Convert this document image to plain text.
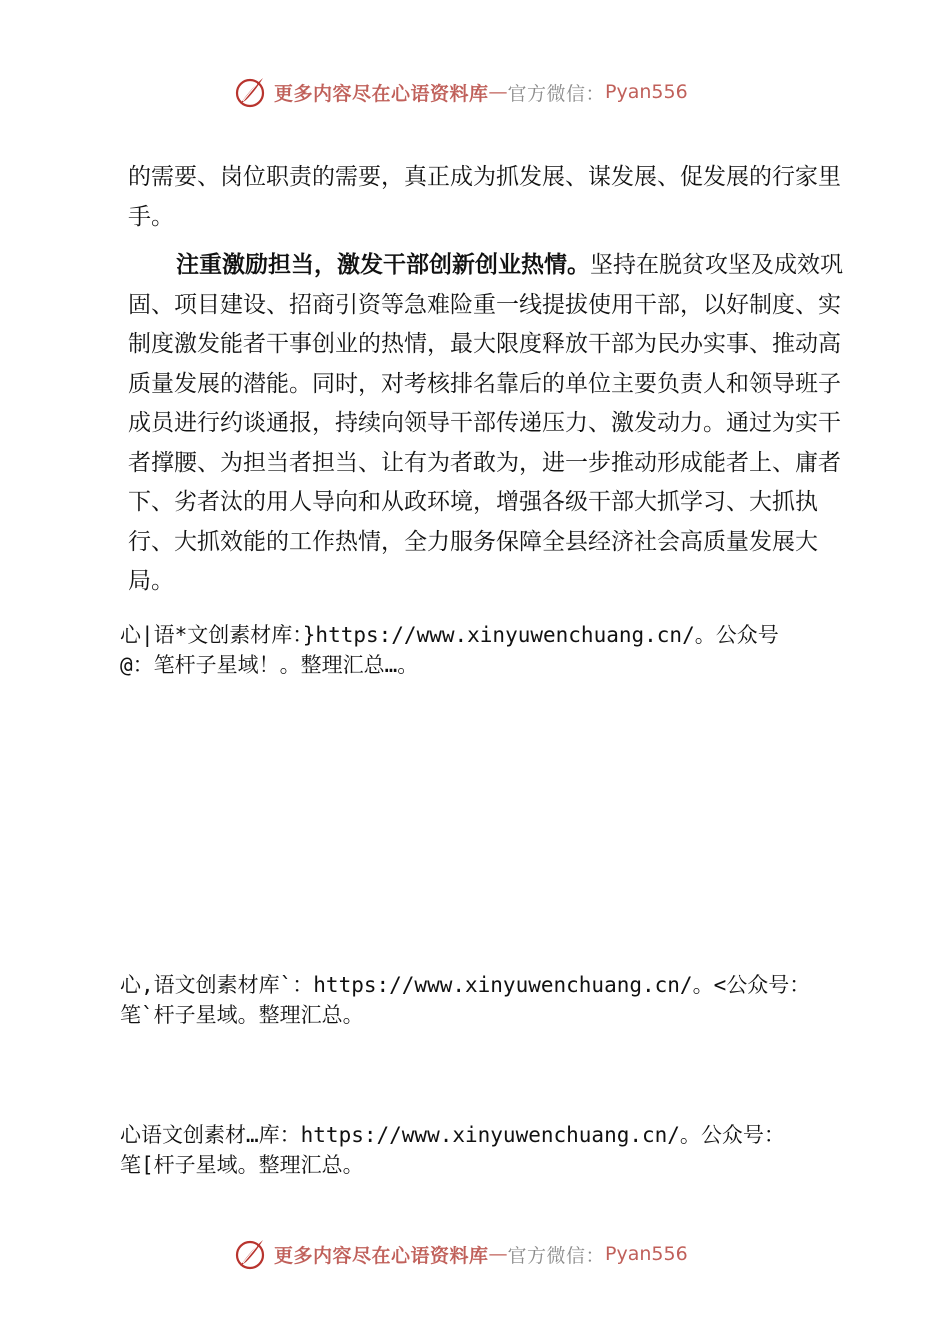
更多内容尽在心语资料库 — 官方微信： Pyan556

的需要、岗位职责的需要，真正成为抓发展、谋发展、促发展的行家里手。

注重激励担当，激发干部创新创业热情。坚持在脱贫攻坚及成效巩固、项目建设、招商引资等急难险重一线提拔使用干部，以好制度、实制度激发能者干事创业的热情，最大限度释放干部为民办实事、推动高质量发展的潜能。同时，对考核排名靠后的单位主要负责人和领导班子成员进行约谈通报，持续向领导干部传递压力、激发动力。通过为实干者撑腰、为担当者担当、让有为者敢为，进一步推动形成能者上、庸者下、劣者汰的用人导向和从政环境，增强各级干部大抓学习、大抓执行、大抓效能的工作热情，全力服务保障全县经济社会高质量发展大局。

心|语*文创素材库：}https://www.xinyuwenchuang.cn/。公众号
@：笔杆子星域！。整理汇总…。
心,语文创素材库`：https://www.xinyuwenchuang.cn/。<公众号：
笔`杆子星域。整理汇总。
心语文创素材…库：https://www.xinyuwenchuang.cn/。公众号：
笔[杆子星域。整理汇总。
更多内容尽在心语资料库 — 官方微信： Pyan556
